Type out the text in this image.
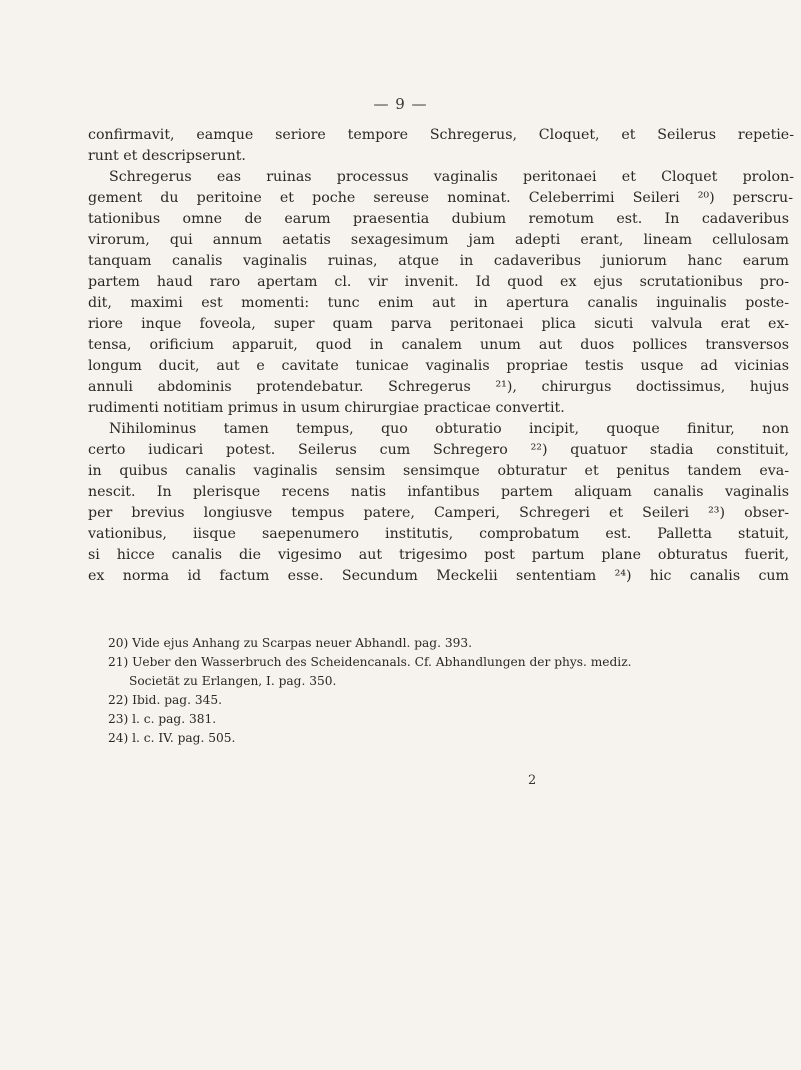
— 9 —
confirmavit, eamque seriore tempore Schregerus, Cloquet, et Seilerus repetie-
runt et descripserunt.
Schregerus eas ruinas processus vaginalis peritonaei et Cloquet prolon-
gement du peritoine et poche sereuse nominat. Celeberrimi Seileri ²⁰) perscru-
tationibus omne de earum praesentia dubium remotum est. In cadaveribus
virorum, qui annum aetatis sexagesimum jam adepti erant, lineam cellulosam
tanquam canalis vaginalis ruinas, atque in cadaveribus juniorum hanc earum
partem haud raro apertam cl. vir invenit. Id quod ex ejus scrutationibus pro-
dit, maximi est momenti: tunc enim aut in apertura canalis inguinalis poste-
riore inque foveola, super quam parva peritonaei plica sicuti valvula erat ex-
tensa, orificium apparuit, quod in canalem unum aut duos pollices transversos
longum ducit, aut e cavitate tunicae vaginalis propriae testis usque ad vicinias
annuli abdominis protendebatur. Schregerus ²¹), chirurgus doctissimus, hujus
rudimenti notitiam primus in usum chirurgiae practicae convertit.
Nihilominus tamen tempus, quo obturatio incipit, quoque finitur, non
certo iudicari potest. Seilerus cum Schregero ²²) quatuor stadia constituit,
in quibus canalis vaginalis sensim sensimque obturatur et penitus tandem eva-
nescit. In plerisque recens natis infantibus partem aliquam canalis vaginalis
per brevius longiusve tempus patere, Camperi, Schregeri et Seileri ²³) obser-
vationibus, iisque saepenumero institutis, comprobatum est. Palletta statuit,
si hicce canalis die vigesimo aut trigesimo post partum plane obturatus fuerit,
ex norma id factum esse. Secundum Meckelii sententiam ²⁴) hic canalis cum
20) Vide ejus Anhang zu Scarpas neuer Abhandl. pag. 393.
21) Ueber den Wasserbruch des Scheidencanals. Cf. Abhandlungen der phys. mediz.
Societät zu Erlangen, I. pag. 350.
22) Ibid. pag. 345.
23) l. c. pag. 381.
24) l. c. IV. pag. 505.
2
